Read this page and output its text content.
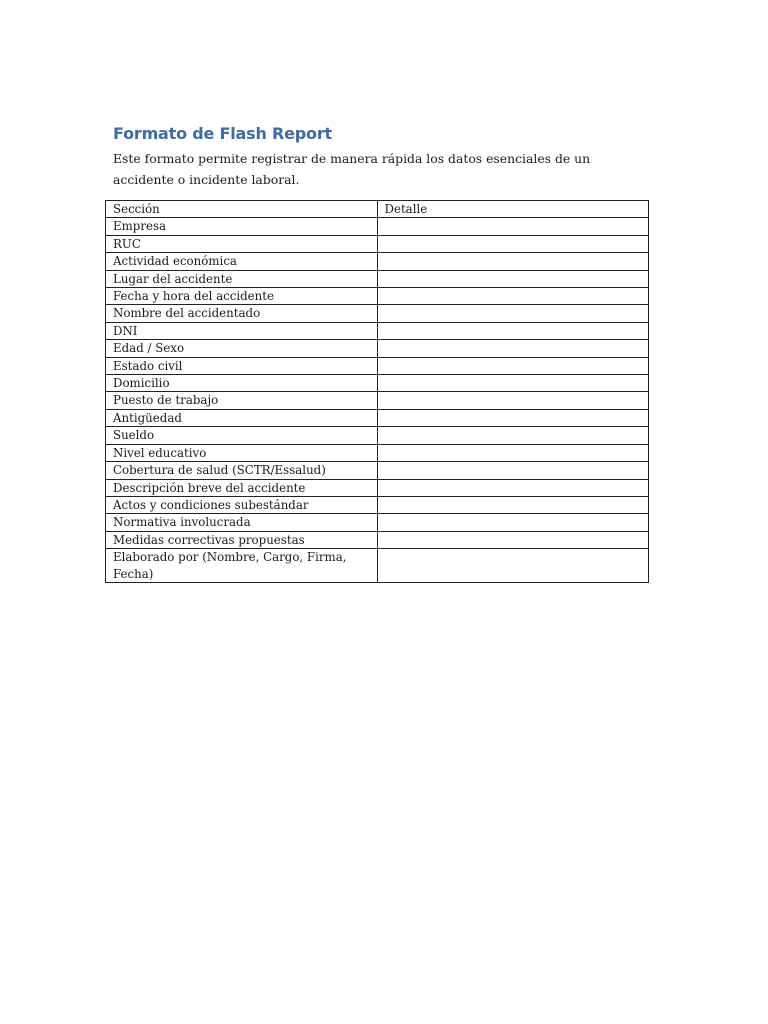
Formato de Flash Report

Este formato permite registrar de manera rápida los datos esenciales de un accidente o incidente laboral.

Sección	Detalle
Empresa	
RUC	
Actividad económica	
Lugar del accidente	
Fecha y hora del accidente	
Nombre del accidentado	
DNI	
Edad / Sexo	
Estado civil	
Domicilio	
Puesto de trabajo	
Antigüedad	
Sueldo	
Nivel educativo	
Cobertura de salud (SCTR/Essalud)	
Descripción breve del accidente	
Actos y condiciones subestándar	
Normativa involucrada	
Medidas correctivas propuestas	
Elaborado por (Nombre, Cargo, Firma, Fecha)	
